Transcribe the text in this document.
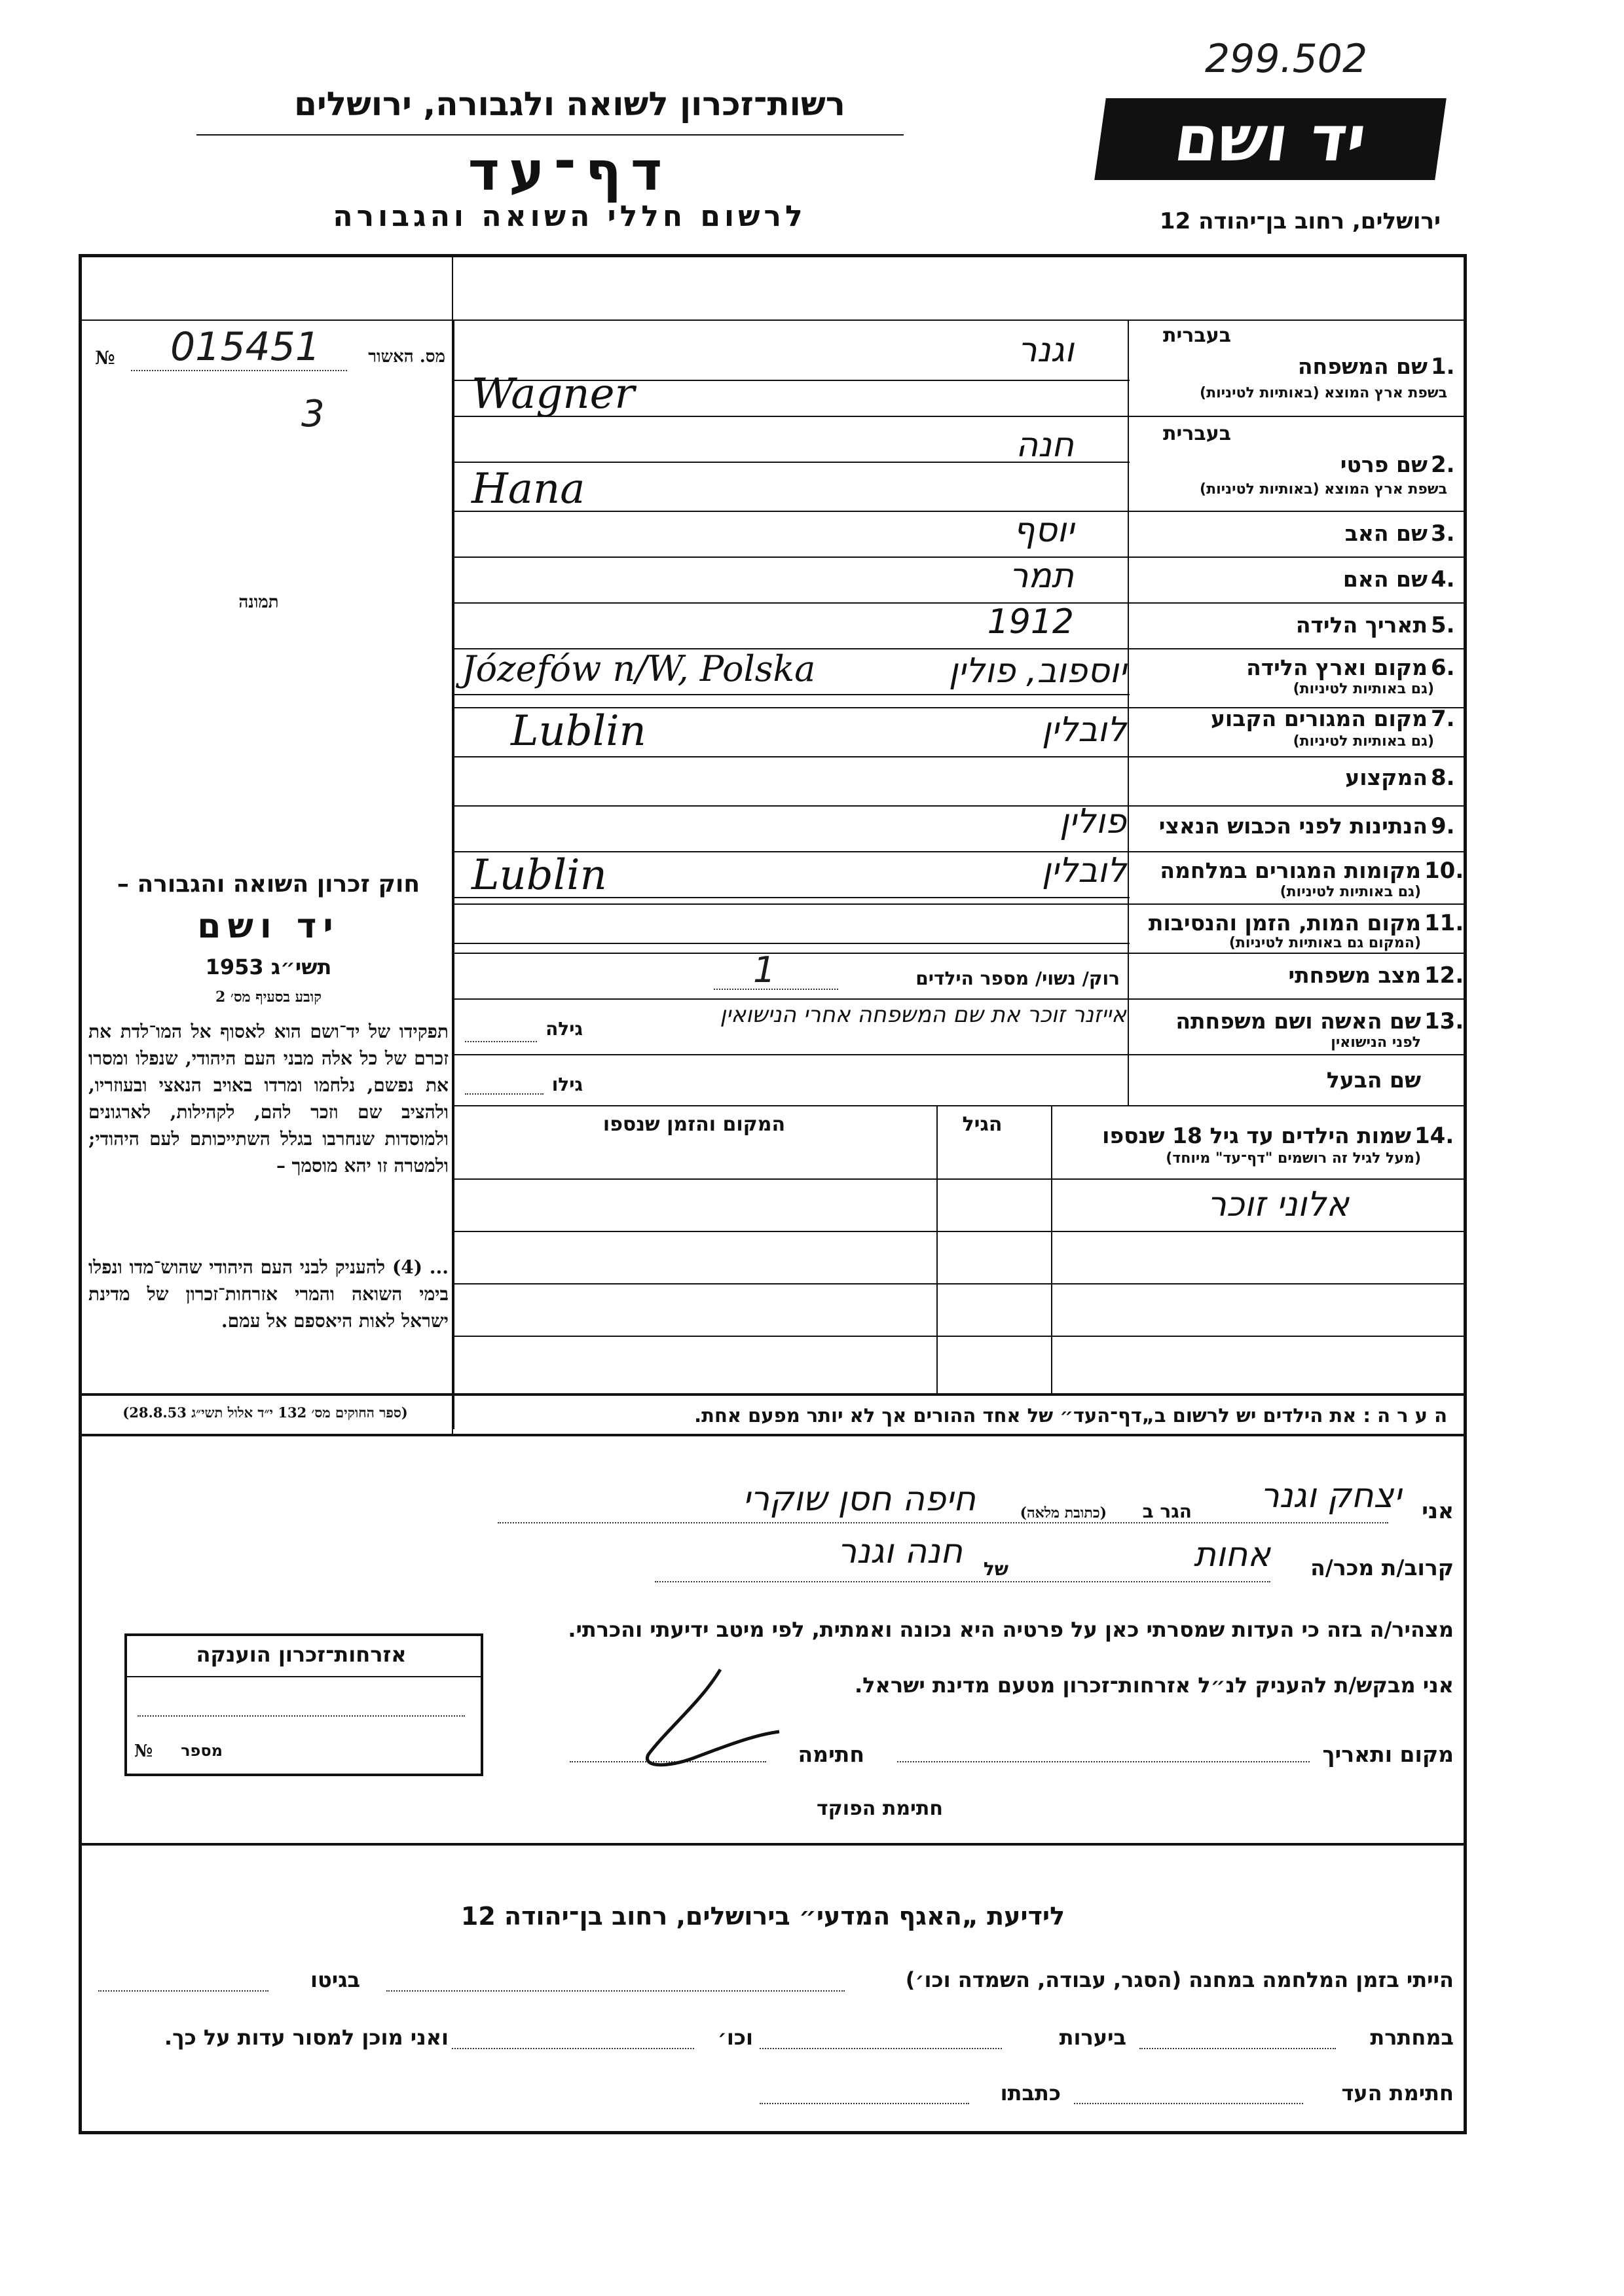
299.502
רשות־זכרון לשואה ולגבורה, ירושלים
דף־עד
לרשום חללי השואה והגבורה
יד ושם
ירושלים, רחוב בן־יהודה 12
№ 015451	מס. האשור
3
תמונה
חוק זכרון השואה והגבורה –
יד ושם
תשי״ג 1953
קובע בסעיף מס׳ 2
תפקידו של יד־ושם הוא לאסוף אל המו־לדת את זכרם של כל אלה מבני העם היהודי, שנפלו ומסרו את נפשם, נלחמו ומרדו באויב הנאצי ובעוזריו, ולהציב שם וזכר להם, לקהילות, לארגונים ולמוסדות שנחרבו בגלל השתייכותם לעם היהודי; ולמטרה זו יהא מוסמך –
... (4) להעניק לבני העם היהודי שהוש־מדו ונפלו בימי השואה והמרי אזרחות־זכרון של מדינת ישראל לאות היאספם אל עמם.
(ספר החוקים מס׳ 132 י״ד אלול תשי״ג 28.8.53)
בעברית
1.
שם המשפחה
בשפת ארץ המוצא (באותיות לטיניות)
וגנר
Wagner
בעברית
2.
שם פרטי
בשפת ארץ המוצא (באותיות לטיניות)
חנה
Hana
3.
שם האב
יוסף
4.
שם האם
תמר
5.
תאריך הלידה
1912
6.
מקום וארץ הלידה
(גם באותיות לטיניות)
יוספוב, פולין
Józefów n/W, Polska
7.
מקום המגורים הקבוע
(גם באותיות לטיניות)
לובלין
Lublin
8.
המקצוע
9.
הנתינות לפני הכבוש הנאצי
פולין
10.
מקומות המגורים במלחמה
(גם באותיות לטיניות)
לובלין
Lublin
11.
מקום המות, הזמן והנסיבות
(המקום גם באותיות לטיניות)
12.
מצב משפחתי
רוק/ נשוי/ מספר הילדים
1
13.
שם האשה ושם משפחתה
לפני הנישואין
אייזנר זוכר את שם המשפחה אחרי הנישואין
גילה
שם הבעל
גילו
14.
שמות הילדים עד גיל 18 שנספו
(מעל לגיל זה רושמים "דף־עד" מיוחד)
הגיל
המקום והזמן שנספו
אלוני זוכר
ה ע ר ה : את הילדים יש לרשום ב„דף־העד״ של אחד ההורים אך לא יותר מפעם אחת.
אני
יצחק וגנר
הגר ב
(כתובת מלאה)
חיפה חסן שוקרי
קרוב/ת מכר/ה
אחות
של
חנה וגנר
מצהיר/ה בזה כי העדות שמסרתי כאן על פרטיה היא נכונה ואמתית, לפי מיטב ידיעתי והכרתי.
אני מבקש/ת להעניק לנ״ל אזרחות־זכרון מטעם מדינת ישראל.
מקום ותאריך
חתימה
חתימת הפוקד
אזרחות־זכרון הוענקה
מספר
№
לידיעת „האגף המדעי״ בירושלים, רחוב בן־יהודה 12
הייתי בזמן המלחמה במחנה (הסגר, עבודה, השמדה וכו׳)
בגיטו
במחתרת
ביערות
וכו׳
ואני מוכן למסור עדות על כך.
חתימת העד
כתבתו
